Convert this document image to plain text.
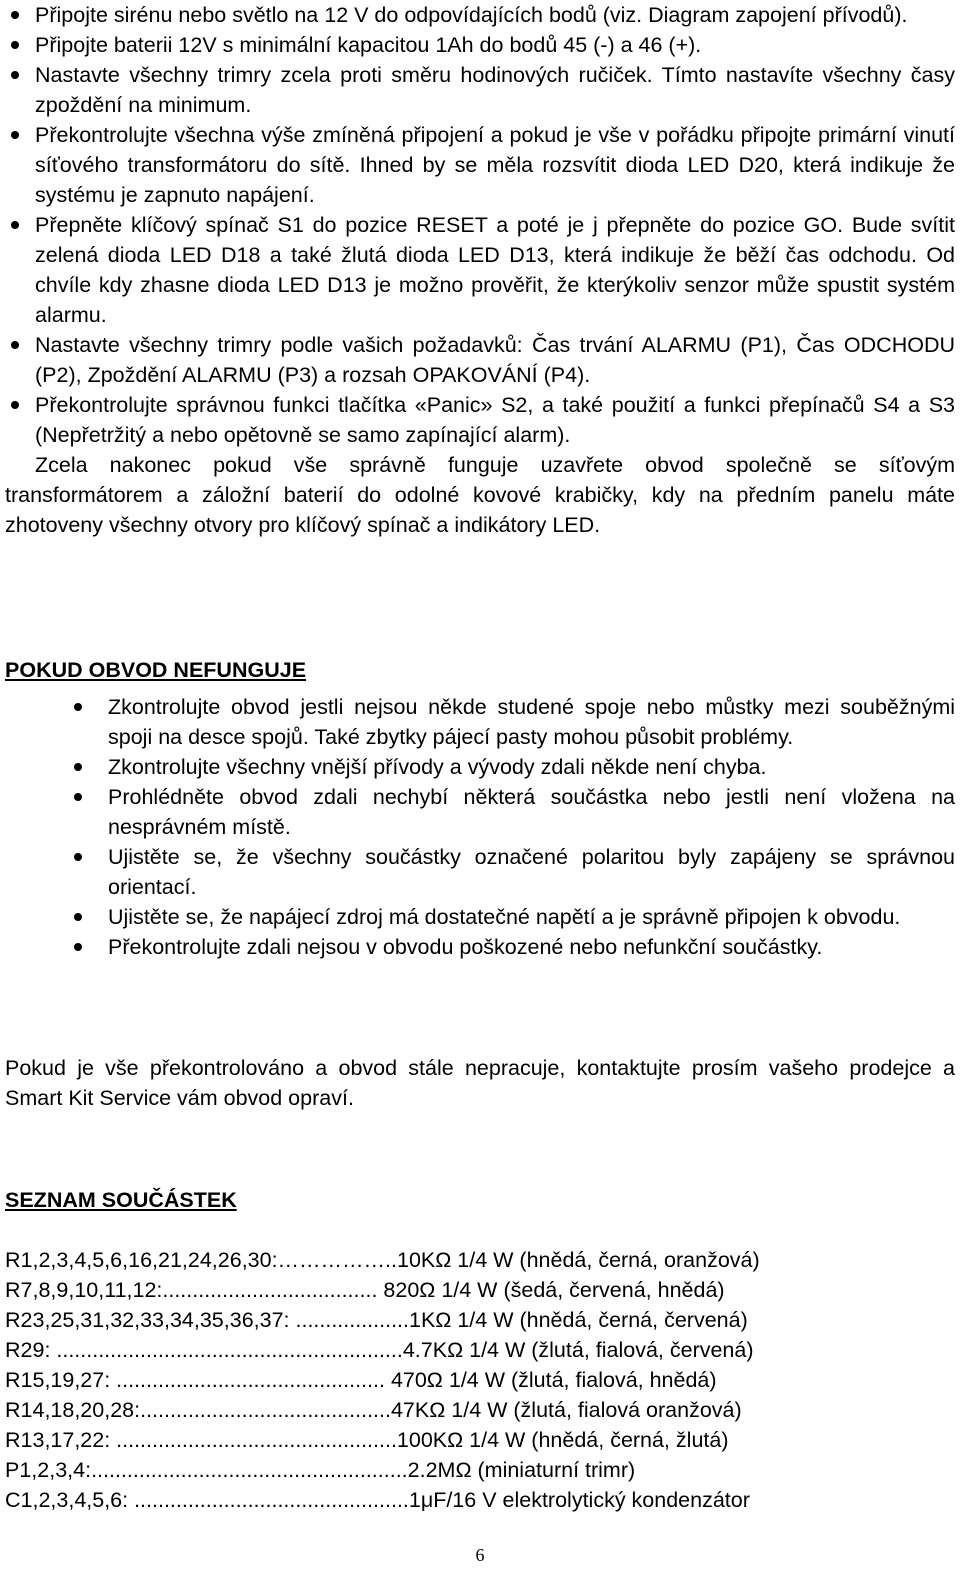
Připojte sirénu nebo světlo na 12 V do odpovídajících bodů (viz. Diagram zapojení přívodů).
Připojte baterii 12V s minimální kapacitou 1Ah do bodů 45 (-) a 46 (+).
Nastavte všechny trimry zcela proti směru hodinových ručiček. Tímto nastavíte všechny časy zpoždění na minimum.
Překontrolujte všechna výše zmíněná připojení a pokud je vše v pořádku připojte primární vinutí síťového transformátoru do sítě. Ihned by se měla rozsvítit dioda LED D20, která indikuje že systému je zapnuto napájení.
Přepněte klíčový spínač S1 do pozice RESET a poté je j přepněte do pozice GO. Bude svítit zelená dioda LED D18 a také žlutá dioda LED D13, která indikuje že běží čas odchodu. Od chvíle kdy zhasne dioda LED D13 je možno prověřit, že kterýkoliv senzor může spustit systém alarmu.
Nastavte všechny trimry podle vašich požadavků: Čas trvání ALARMU (P1), Čas ODCHODU (P2), Zpoždění ALARMU (P3) a rozsah OPAKOVÁNÍ (P4).
Překontrolujte správnou funkci tlačítka «Panic» S2, a také použití a funkci přepínačů S4 a S3 (Nepřetržitý a nebo opětovně se samo zapínající alarm).

Zcela nakonec pokud vše správně funguje uzavřete obvod společně se síťovým transformátorem a záložní baterií do odolné kovové krabičky, kdy na předním panelu máte zhotoveny všechny otvory pro klíčový spínač a indikátory LED.

POKUD OBVOD NEFUNGUJE
Zkontrolujte obvod jestli nejsou někde studené spoje nebo můstky mezi souběžnými spoji na desce spojů. Také zbytky pájecí pasty mohou působit problémy.
Zkontrolujte všechny vnější přívody a vývody zdali někde není chyba.
Prohlédněte obvod zdali nechybí některá součástka nebo jestli není vložena na nesprávném místě.
Ujistěte se, že všechny součástky označené polaritou byly zapájeny se správnou orientací.
Ujistěte se, že napájecí zdroj má dostatečné napětí a je správně připojen k obvodu.
Překontrolujte zdali nejsou v obvodu poškozené nebo nefunkční součástky.

Pokud je vše překontrolováno a obvod stále nepracuje, kontaktujte prosím vašeho prodejce a Smart Kit Service vám obvod opraví.

SEZNAM SOUČÁSTEK
R1,2,3,4,5,6,16,21,24,26,30:……………..10KΩ 1/4 W (hnědá, černá, oranžová)
R7,8,9,10,11,12:.................................... 820Ω 1/4 W (šedá, červená, hnědá)
R23,25,31,32,33,34,35,36,37: ...................1KΩ 1/4 W (hnědá, černá, červená)
R29: ..........................................................4.7KΩ 1/4 W (žlutá, fialová, červená)
R15,19,27: ............................................. 470Ω 1/4 W (žlutá, fialová, hnědá)
R14,18,20,28:..........................................47KΩ 1/4 W (žlutá, fialová oranžová)
R13,17,22: ...............................................100KΩ 1/4 W (hnědá, černá, žlutá)
P1,2,3,4:.....................................................2.2MΩ (miniaturní trimr)
C1,2,3,4,5,6: ..............................................1μF/16 V elektrolytický kondenzátor
6
